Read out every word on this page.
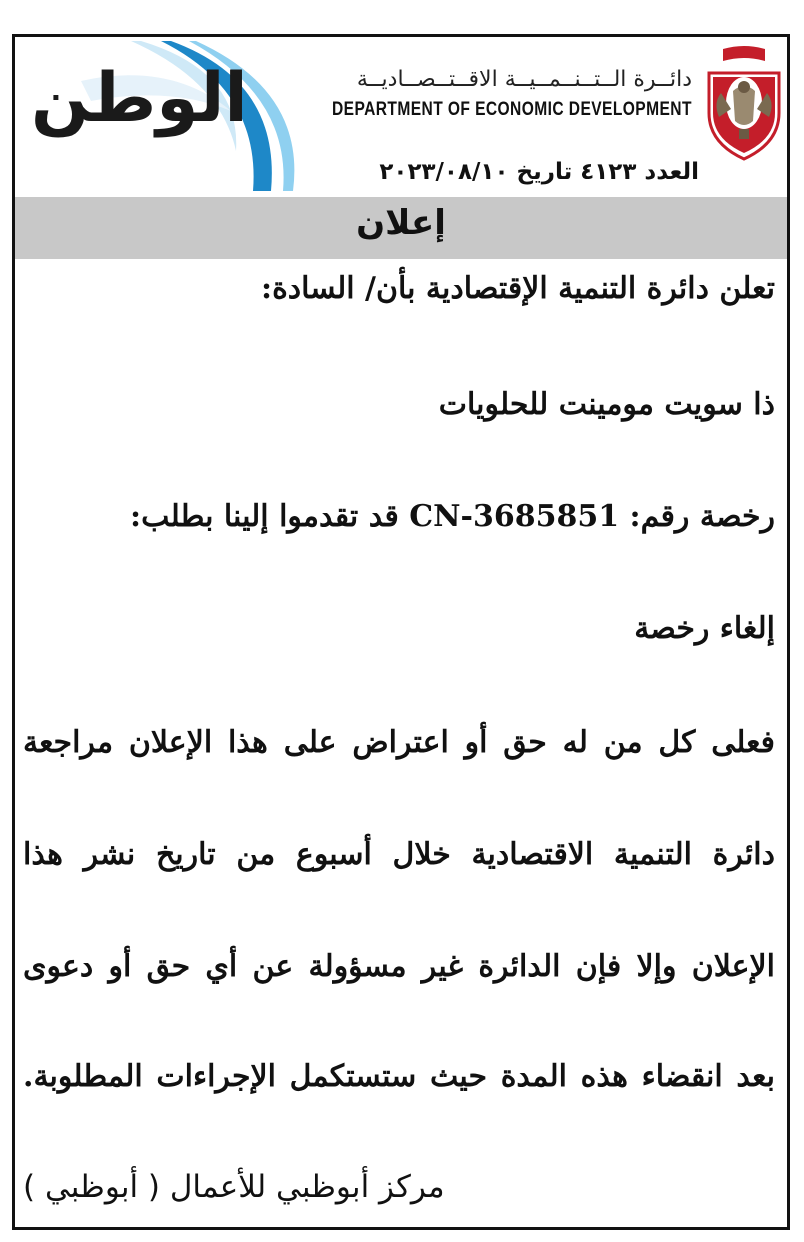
الوطن	دائــرة الــتــنــمــيــة الاقــتــصــاديــة
DEPARTMENT OF ECONOMIC DEVELOPMENT
العدد ٤١٢٣ تاريخ ٢٠٢٣/٠٨/١٠
إعلان
تعلن دائرة التنمية الإقتصادية بأن/ السادة:
ذا سويت مومينت للحلويات
رخصة رقم: CN-3685851 قد تقدموا إلينا بطلب:
إلغاء رخصة
فعلى كل من له حق أو اعتراض على هذا الإعلان مراجعة
دائرة التنمية الاقتصادية خلال أسبوع من تاريخ نشر هذا
الإعلان وإلا فإن الدائرة غير مسؤولة عن أي حق أو دعوى
بعد انقضاء هذه المدة حيث ستستكمل الإجراءات المطلوبة.
مركز أبوظبي للأعمال ( أبوظبي )
